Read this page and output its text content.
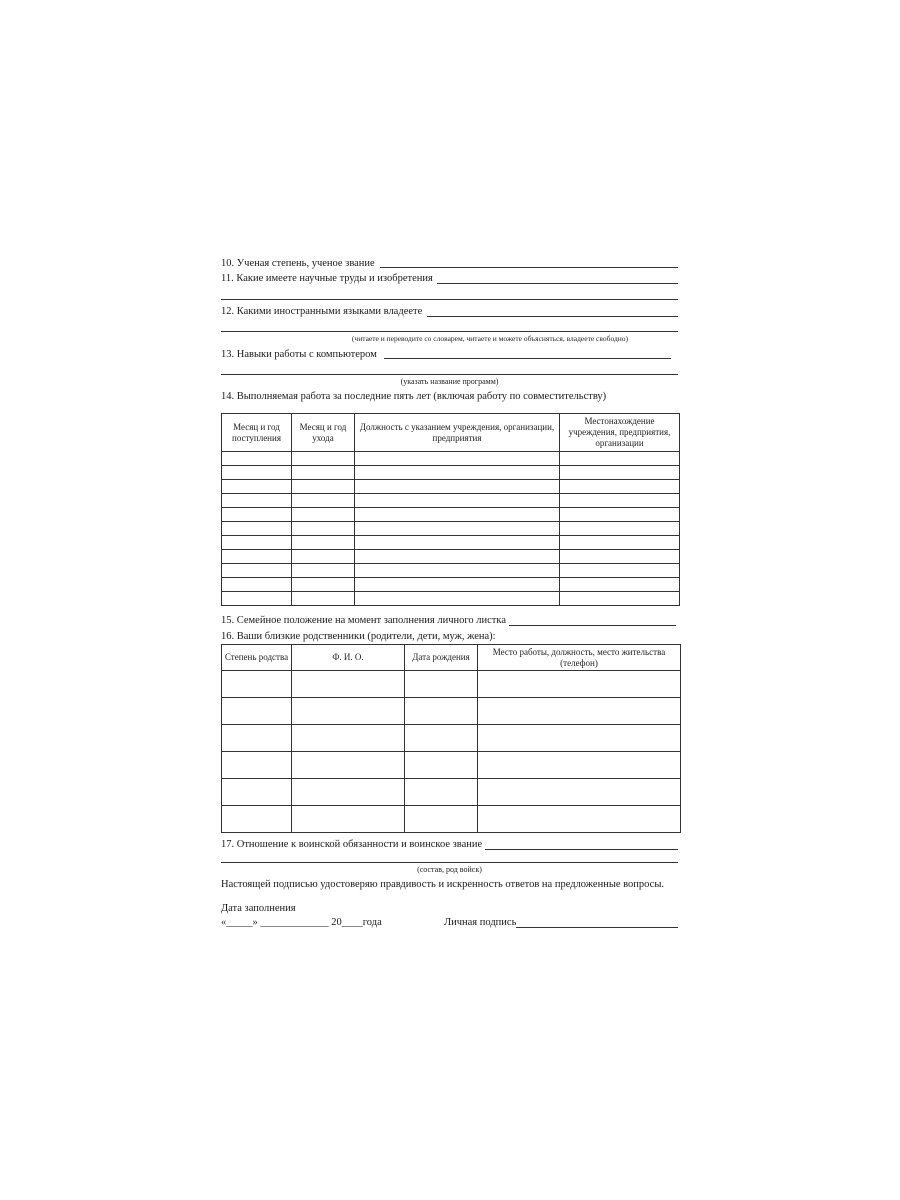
10. Ученая степень, ученое звание
11. Какие имеете научные труды и изобретения
12. Какими иностранными языками владеете
(читаете и переводите со словарем, читаете и можете объясняться, владеете свободно)
13. Навыки работы с компьютером
(указать название программ)
14. Выполняемая работа за последние пять лет (включая работу по совместительству)
Месяц и год поступления	Месяц и год ухода	Должность с указанием учреждения, организации, предприятия	Местонахождение учреждения, предприятия, организации

15. Семейное положение на момент заполнения личного листка
16. Ваши близкие родственники (родители, дети, муж, жена):
Степень родства	Ф. И. О.	Дата рождения	Место работы, должность, место жительства (телефон)

17. Отношение к воинской обязанности и воинское звание
(состав, род войск)
Настоящей подписью удостоверяю правдивость и искренность ответов на предложенные вопросы.
Дата заполнения
«_____» _____________ 20____года	Личная подпись
